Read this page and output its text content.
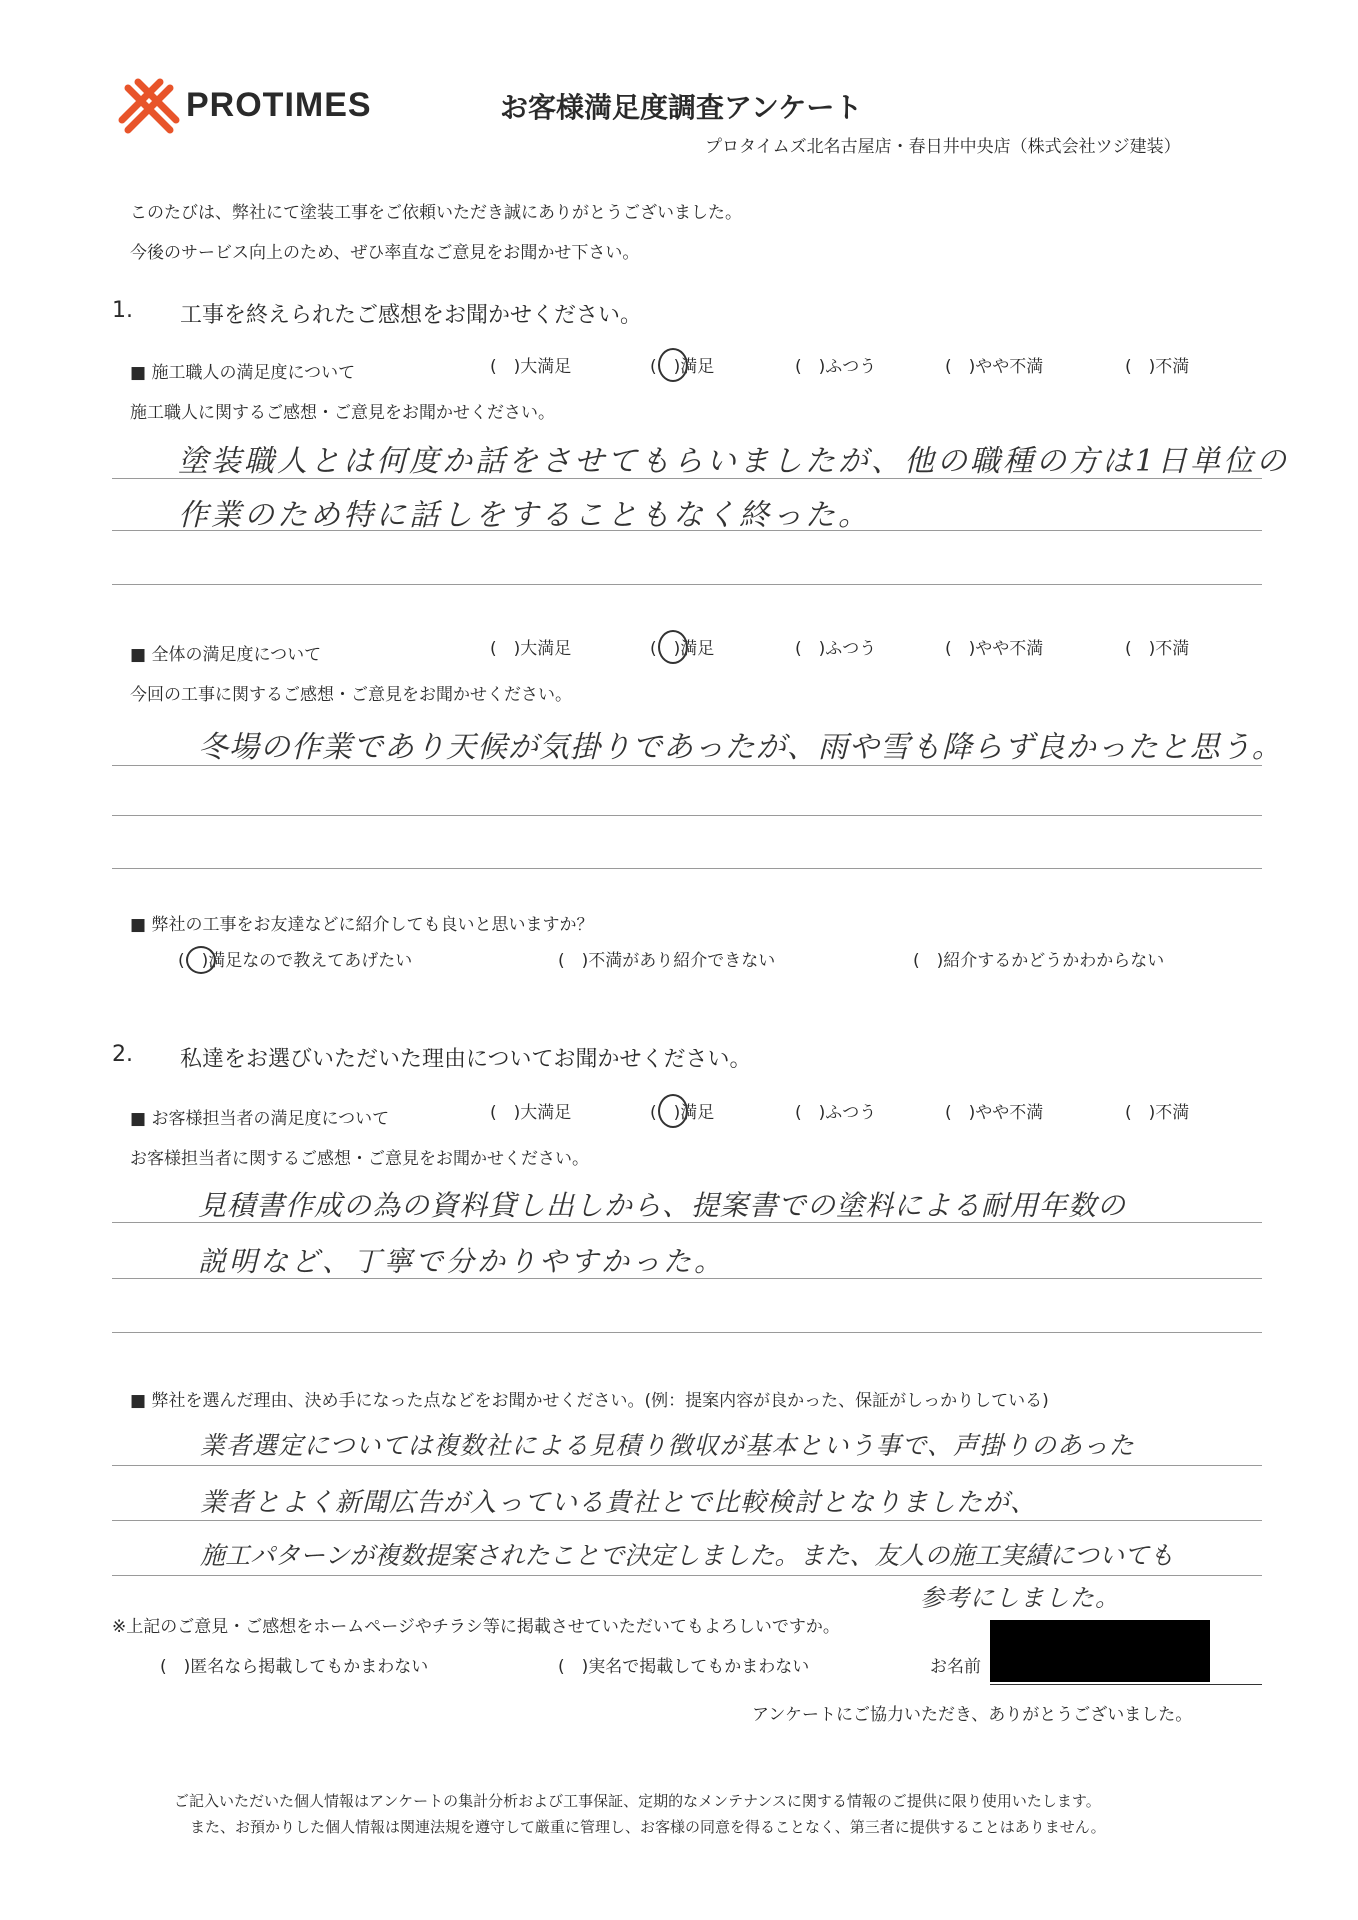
PROTIMES	お客様満足度調査アンケート
プロタイムズ北名古屋店・春日井中央店（株式会社ツジ建装）
このたびは、弊社にて塗装工事をご依頼いただき誠にありがとうございました。
今後のサービス向上のため、ぜひ率直なご意見をお聞かせ下さい。
1. 工事を終えられたご感想をお聞かせください。
■ 施工職人の満足度について	(　)大満足	(　)満足	(　)ふつう	(　)やや不満	(　)不満
施工職人に関するご感想・ご意見をお聞かせください。
塗装職人とは何度か話をさせてもらいましたが、他の職種の方は1日単位の
作業のため特に話しをすることもなく終った。
■ 全体の満足度について	(　)大満足	(　)満足	(　)ふつう	(　)やや不満	(　)不満
今回の工事に関するご感想・ご意見をお聞かせください。
冬場の作業であり天候が気掛りであったが、雨や雪も降らず良かったと思う。
■ 弊社の工事をお友達などに紹介しても良いと思いますか？
(　)満足なので教えてあげたい	(　)不満があり紹介できない	(　)紹介するかどうかわからない
2. 私達をお選びいただいた理由についてお聞かせください。
■ お客様担当者の満足度について	(　)大満足	(　)満足	(　)ふつう	(　)やや不満	(　)不満
お客様担当者に関するご感想・ご意見をお聞かせください。
見積書作成の為の資料貸し出しから、提案書での塗料による耐用年数の
説明など、丁寧で分かりやすかった。
■ 弊社を選んだ理由、決め手になった点などをお聞かせください。(例：提案内容が良かった、保証がしっかりしている)
業者選定については複数社による見積り徴収が基本という事で、声掛りのあった
業者とよく新聞広告が入っている貴社とで比較検討となりましたが、
施工パターンが複数提案されたことで決定しました。また、友人の施工実績についても
参考にしました。
※上記のご意見・ご感想をホームページやチラシ等に掲載させていただいてもよろしいですか。
(　)匿名なら掲載してもかまわない	(　)実名で掲載してもかまわない	お名前
アンケートにご協力いただき、ありがとうございました。
ご記入いただいた個人情報はアンケートの集計分析および工事保証、定期的なメンテナンスに関する情報のご提供に限り使用いたします。
また、お預かりした個人情報は関連法規を遵守して厳重に管理し、お客様の同意を得ることなく、第三者に提供することはありません。
